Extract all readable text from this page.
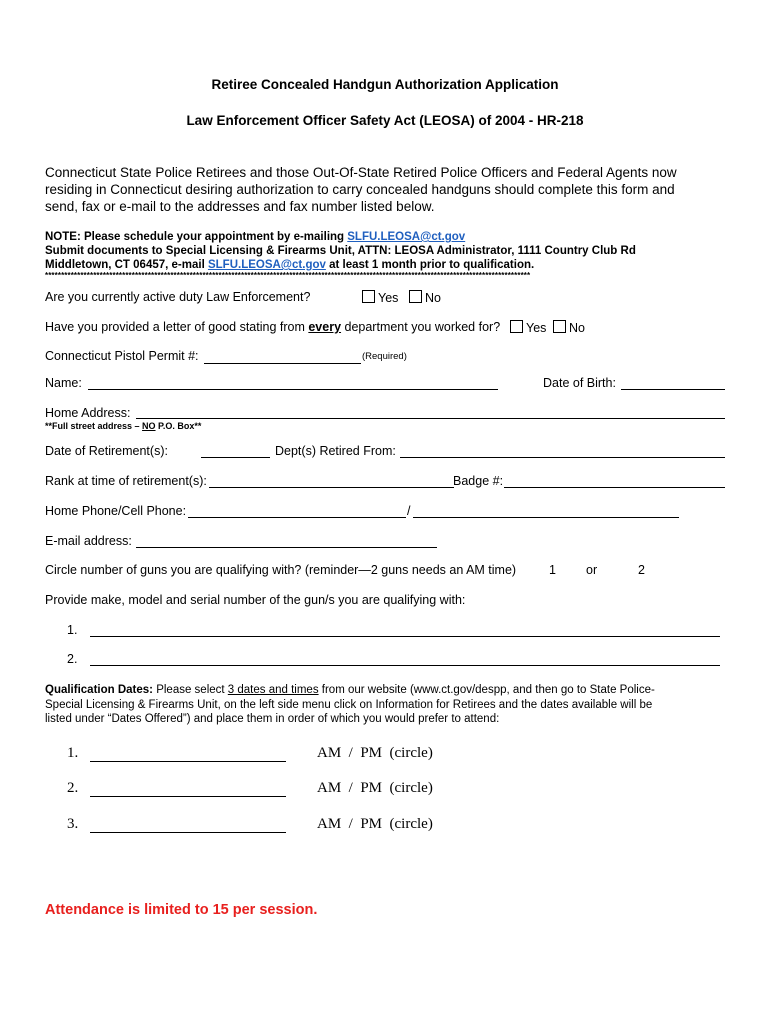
Retiree Concealed Handgun Authorization Application
Law Enforcement Officer Safety Act (LEOSA) of 2004 - HR-218
Connecticut State Police Retirees and those Out-Of-State Retired Police Officers and Federal Agents now
residing in Connecticut desiring authorization to carry concealed handguns should complete this form and
send, fax or e-mail to the addresses and fax number listed below.
NOTE: Please schedule your appointment by e-mailing SLFU.LEOSA@ct.gov
Submit documents to Special Licensing & Firearms Unit, ATTN: LEOSA Administrator, 1111 Country Club Rd
Middletown, CT 06457, e-mail SLFU.LEOSA@ct.gov at least 1 month prior to qualification.
*******************************************************************************************************************************************************
Are you currently active duty Law Enforcement?	Yes	No
Have you provided a letter of good stating from every department you worked for?	Yes	No
Connecticut Pistol Permit #:	(Required)
Name:	Date of Birth:
Home Address:
**Full street address – NO P.O. Box**
Date of Retirement(s):	Dept(s) Retired From:
Rank at time of retirement(s):	Badge #:
Home Phone/Cell Phone:	/
E-mail address:
Circle number of guns you are qualifying with? (reminder—2 guns needs an AM time)	1 or	2
Provide make, model and serial number of the gun/s you are qualifying with:
1.
2.
Qualification Dates: Please select 3 dates and times from our website (www.ct.gov/despp, and then go to State Police-
Special Licensing & Firearms Unit, on the left side menu click on Information for Retirees and the dates available will be
listed under “Dates Offered”) and place them in order of which you would prefer to attend:
1.	AM  /  PM  (circle)
2.	AM  /  PM  (circle)
3.	AM  /  PM  (circle)
Attendance is limited to 15 per session.
